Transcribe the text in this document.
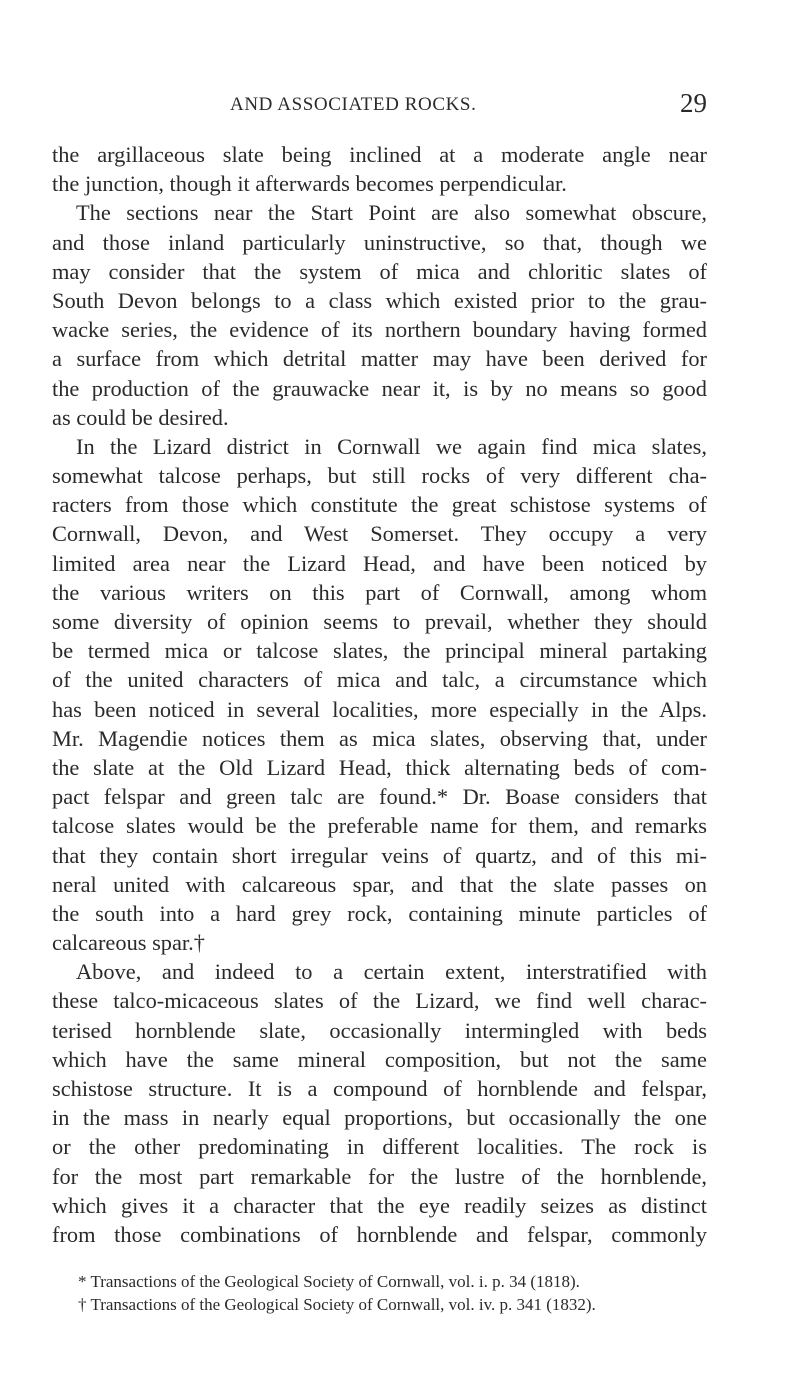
AND ASSOCIATED ROCKS.	29
the argillaceous slate being inclined at a moderate angle near
the junction, though it afterwards becomes perpendicular.
The sections near the Start Point are also somewhat obscure,
and those inland particularly uninstructive, so that, though we
may consider that the system of mica and chloritic slates of
South Devon belongs to a class which existed prior to the grau-
wacke series, the evidence of its northern boundary having formed
a surface from which detrital matter may have been derived for
the production of the grauwacke near it, is by no means so good
as could be desired.
In the Lizard district in Cornwall we again find mica slates,
somewhat talcose perhaps, but still rocks of very different cha-
racters from those which constitute the great schistose systems of
Cornwall, Devon, and West Somerset. They occupy a very
limited area near the Lizard Head, and have been noticed by
the various writers on this part of Cornwall, among whom
some diversity of opinion seems to prevail, whether they should
be termed mica or talcose slates, the principal mineral partaking
of the united characters of mica and talc, a circumstance which
has been noticed in several localities, more especially in the Alps.
Mr. Magendie notices them as mica slates, observing that, under
the slate at the Old Lizard Head, thick alternating beds of com-
pact felspar and green talc are found.* Dr. Boase considers that
talcose slates would be the preferable name for them, and remarks
that they contain short irregular veins of quartz, and of this mi-
neral united with calcareous spar, and that the slate passes on
the south into a hard grey rock, containing minute particles of
calcareous spar.†
Above, and indeed to a certain extent, interstratified with
these talco-micaceous slates of the Lizard, we find well charac-
terised hornblende slate, occasionally intermingled with beds
which have the same mineral composition, but not the same
schistose structure. It is a compound of hornblende and felspar,
in the mass in nearly equal proportions, but occasionally the one
or the other predominating in different localities. The rock is
for the most part remarkable for the lustre of the hornblende,
which gives it a character that the eye readily seizes as distinct
from those combinations of hornblende and felspar, commonly
* Transactions of the Geological Society of Cornwall, vol. i. p. 34 (1818).
† Transactions of the Geological Society of Cornwall, vol. iv. p. 341 (1832).
